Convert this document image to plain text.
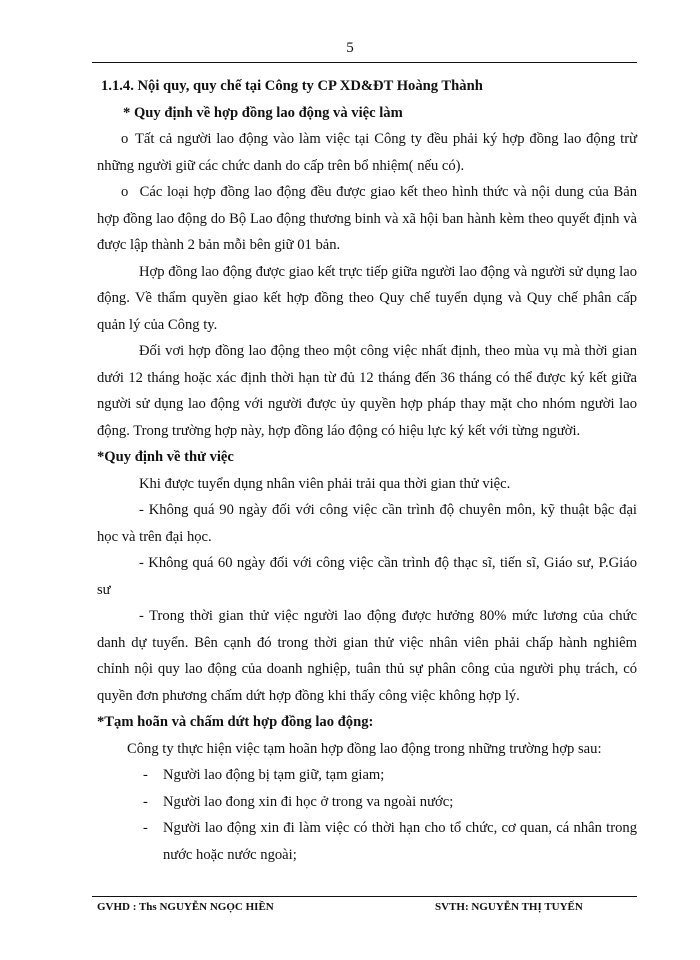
5

1.1.4. Nội quy, quy chế tại Công ty CP XD&ĐT Hoàng Thành

* Quy định về hợp đồng lao động và việc làm

o Tất cả người lao động vào làm việc tại Công ty đều phải ký hợp đồng lao động trừ những người giữ các chức danh do cấp trên bổ nhiệm( nếu có).

o Các loại hợp đồng lao động đều được giao kết theo hình thức và nội dung của Bản hợp đồng lao động do Bộ Lao động thương binh và xã hội ban hành kèm theo quyết định và được lập thành 2 bản mỗi bên giữ 01 bản.

Hợp đồng lao động được giao kết trực tiếp giữa người lao động và người sử dụng lao động. Về thẩm quyền giao kết hợp đồng theo Quy chế tuyển dụng và Quy chế phân cấp quản lý của Công ty.

Đối vơi hợp đồng lao động theo một công việc nhất định, theo mùa vụ mà thời gian dưới 12 tháng hoặc xác định thời hạn từ đủ 12 tháng đến 36 tháng có thể được ký kết giữa người sử dụng lao động với người được ủy quyền hợp pháp thay mặt cho nhóm người lao động. Trong trường hợp này, hợp đồng láo động có hiệu lực ký kết với từng người.

*Quy định về thử việc

Khi được tuyển dụng nhân viên phải trải qua thời gian thử việc.

- Không quá 90 ngày đối với công việc cần trình độ chuyên môn, kỹ thuật bậc đại học và trên đại học.

- Không quá 60 ngày đối với công việc cần trình độ thạc sĩ, tiến sĩ, Giáo sư, P.Giáo sư

- Trong thời gian thử việc người lao động được hưởng 80% mức lương của chức danh dự tuyển. Bên cạnh đó trong thời gian thử việc nhân viên phải chấp hành nghiêm chỉnh nội quy lao động của doanh nghiệp, tuân thủ sự phân công của người phụ trách, có quyền đơn phương chấm dứt hợp đồng khi thấy công việc không hợp lý.

*Tạm hoãn và chấm dứt hợp đồng lao động:

Công ty thực hiện việc tạm hoãn hợp đồng lao động trong những trường hợp sau:

- Người lao động bị tạm giữ, tạm giam;
- Người lao đong xin đi học ở trong va ngoài nước;
- Người lao động xin đi làm việc có thời hạn cho tổ chức, cơ quan, cá nhân trong nước hoặc nước ngoài;
GVHD : Ths NGUYỄN NGỌC HIỀN	SVTH: NGUYỄN THỊ TUYẾN
